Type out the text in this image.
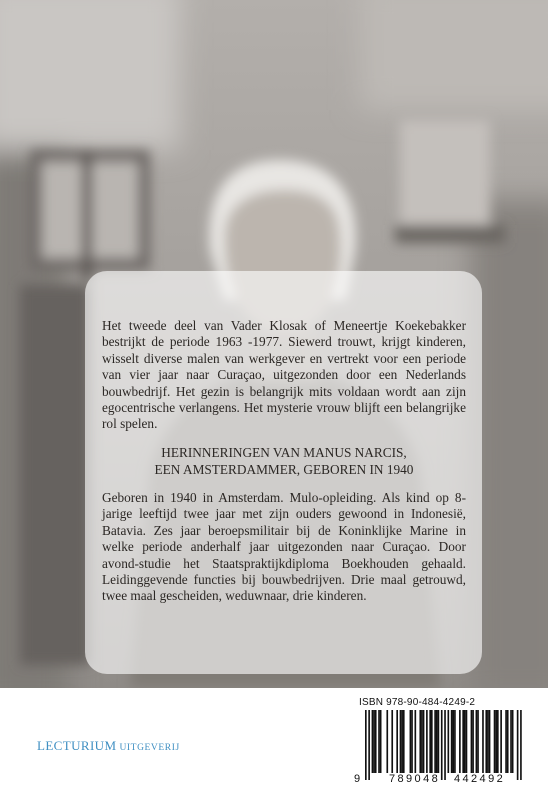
Het tweede deel van Vader Klosak of Meneertje Koekebakker bestrijkt de periode 1963 -1977. Siewerd trouwt, krijgt kinderen, wisselt diverse malen van werkgever en vertrekt voor een periode van vier jaar naar Curaçao, uitgezonden door een Nederlands bouwbedrijf. Het gezin is belangrijk mits voldaan wordt aan zijn egocentrische verlangens. Het mysterie vrouw blijft een belangrijke rol spelen.

HERINNERINGEN VAN MANUS NARCIS,
EEN AMSTERDAMMER, GEBOREN IN 1940

Geboren in 1940 in Amsterdam. Mulo-opleiding. Als kind op 8-jarige leeftijd twee jaar met zijn ouders gewoond in Indonesië, Batavia. Zes jaar beroepsmilitair bij de Koninklijke Marine in welke periode anderhalf jaar uitgezonden naar Curaçao. Door avond-studie het Staatspraktijkdiploma Boekhouden gehaald. Leidinggevende functies bij bouwbedrijven. Drie maal getrouwd, twee maal gescheiden, weduwnaar, drie kinderen.

LECTURIUM UITGEVERIJ
ISBN 978-90-484-4249-2
9	789048 442492
